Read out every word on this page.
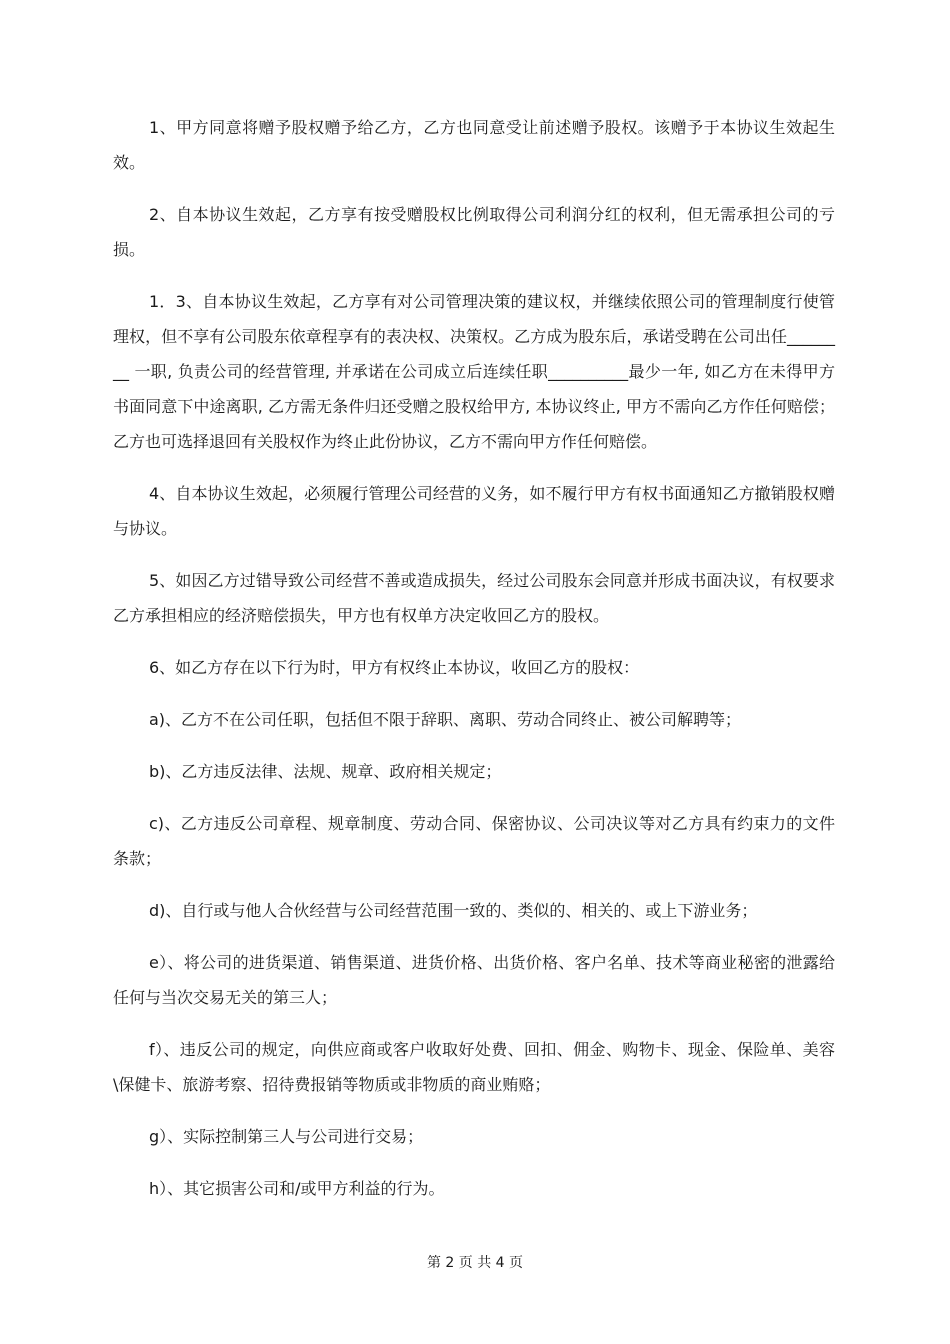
1、甲方同意将赠予股权赠予给乙方，乙方也同意受让前述赠予股权。该赠予于本协议生效起生效。

2、自本协议生效起，乙方享有按受赠股权比例取得公司利润分红的权利，但无需承担公司的亏损。

1．3、自本协议生效起，乙方享有对公司管理决策的建议权，并继续依照公司的管理制度行使管理权，但不享有公司股东依章程享有的表决权、决策权。乙方成为股东后，承诺受聘在公司出任________ 一职, 负责公司的经营管理, 并承诺在公司成立后连续任职__________最少一年, 如乙方在未得甲方书面同意下中途离职, 乙方需无条件归还受赠之股权给甲方, 本协议终止, 甲方不需向乙方作任何赔偿；乙方也可选择退回有关股权作为终止此份协议，乙方不需向甲方作任何赔偿。

4、自本协议生效起，必须履行管理公司经营的义务，如不履行甲方有权书面通知乙方撤销股权赠与协议。

5、如因乙方过错导致公司经营不善或造成损失，经过公司股东会同意并形成书面决议，有权要求乙方承担相应的经济赔偿损失，甲方也有权单方决定收回乙方的股权。

6、如乙方存在以下行为时，甲方有权终止本协议，收回乙方的股权：

a)、乙方不在公司任职，包括但不限于辞职、离职、劳动合同终止、被公司解聘等；

b)、乙方违反法律、法规、规章、政府相关规定；

c)、乙方违反公司章程、规章制度、劳动合同、保密协议、公司决议等对乙方具有约束力的文件条款；

d)、自行或与他人合伙经营与公司经营范围一致的、类似的、相关的、或上下游业务；

e）、将公司的进货渠道、销售渠道、进货价格、出货价格、客户名单、技术等商业秘密的泄露给任何与当次交易无关的第三人；

f）、违反公司的规定，向供应商或客户收取好处费、回扣、佣金、购物卡、现金、保险单、美容\保健卡、旅游考察、招待费报销等物质或非物质的商业贿赂；

g）、实际控制第三人与公司进行交易；

h）、其它损害公司和/或甲方利益的行为。

第 2 页 共 4 页
